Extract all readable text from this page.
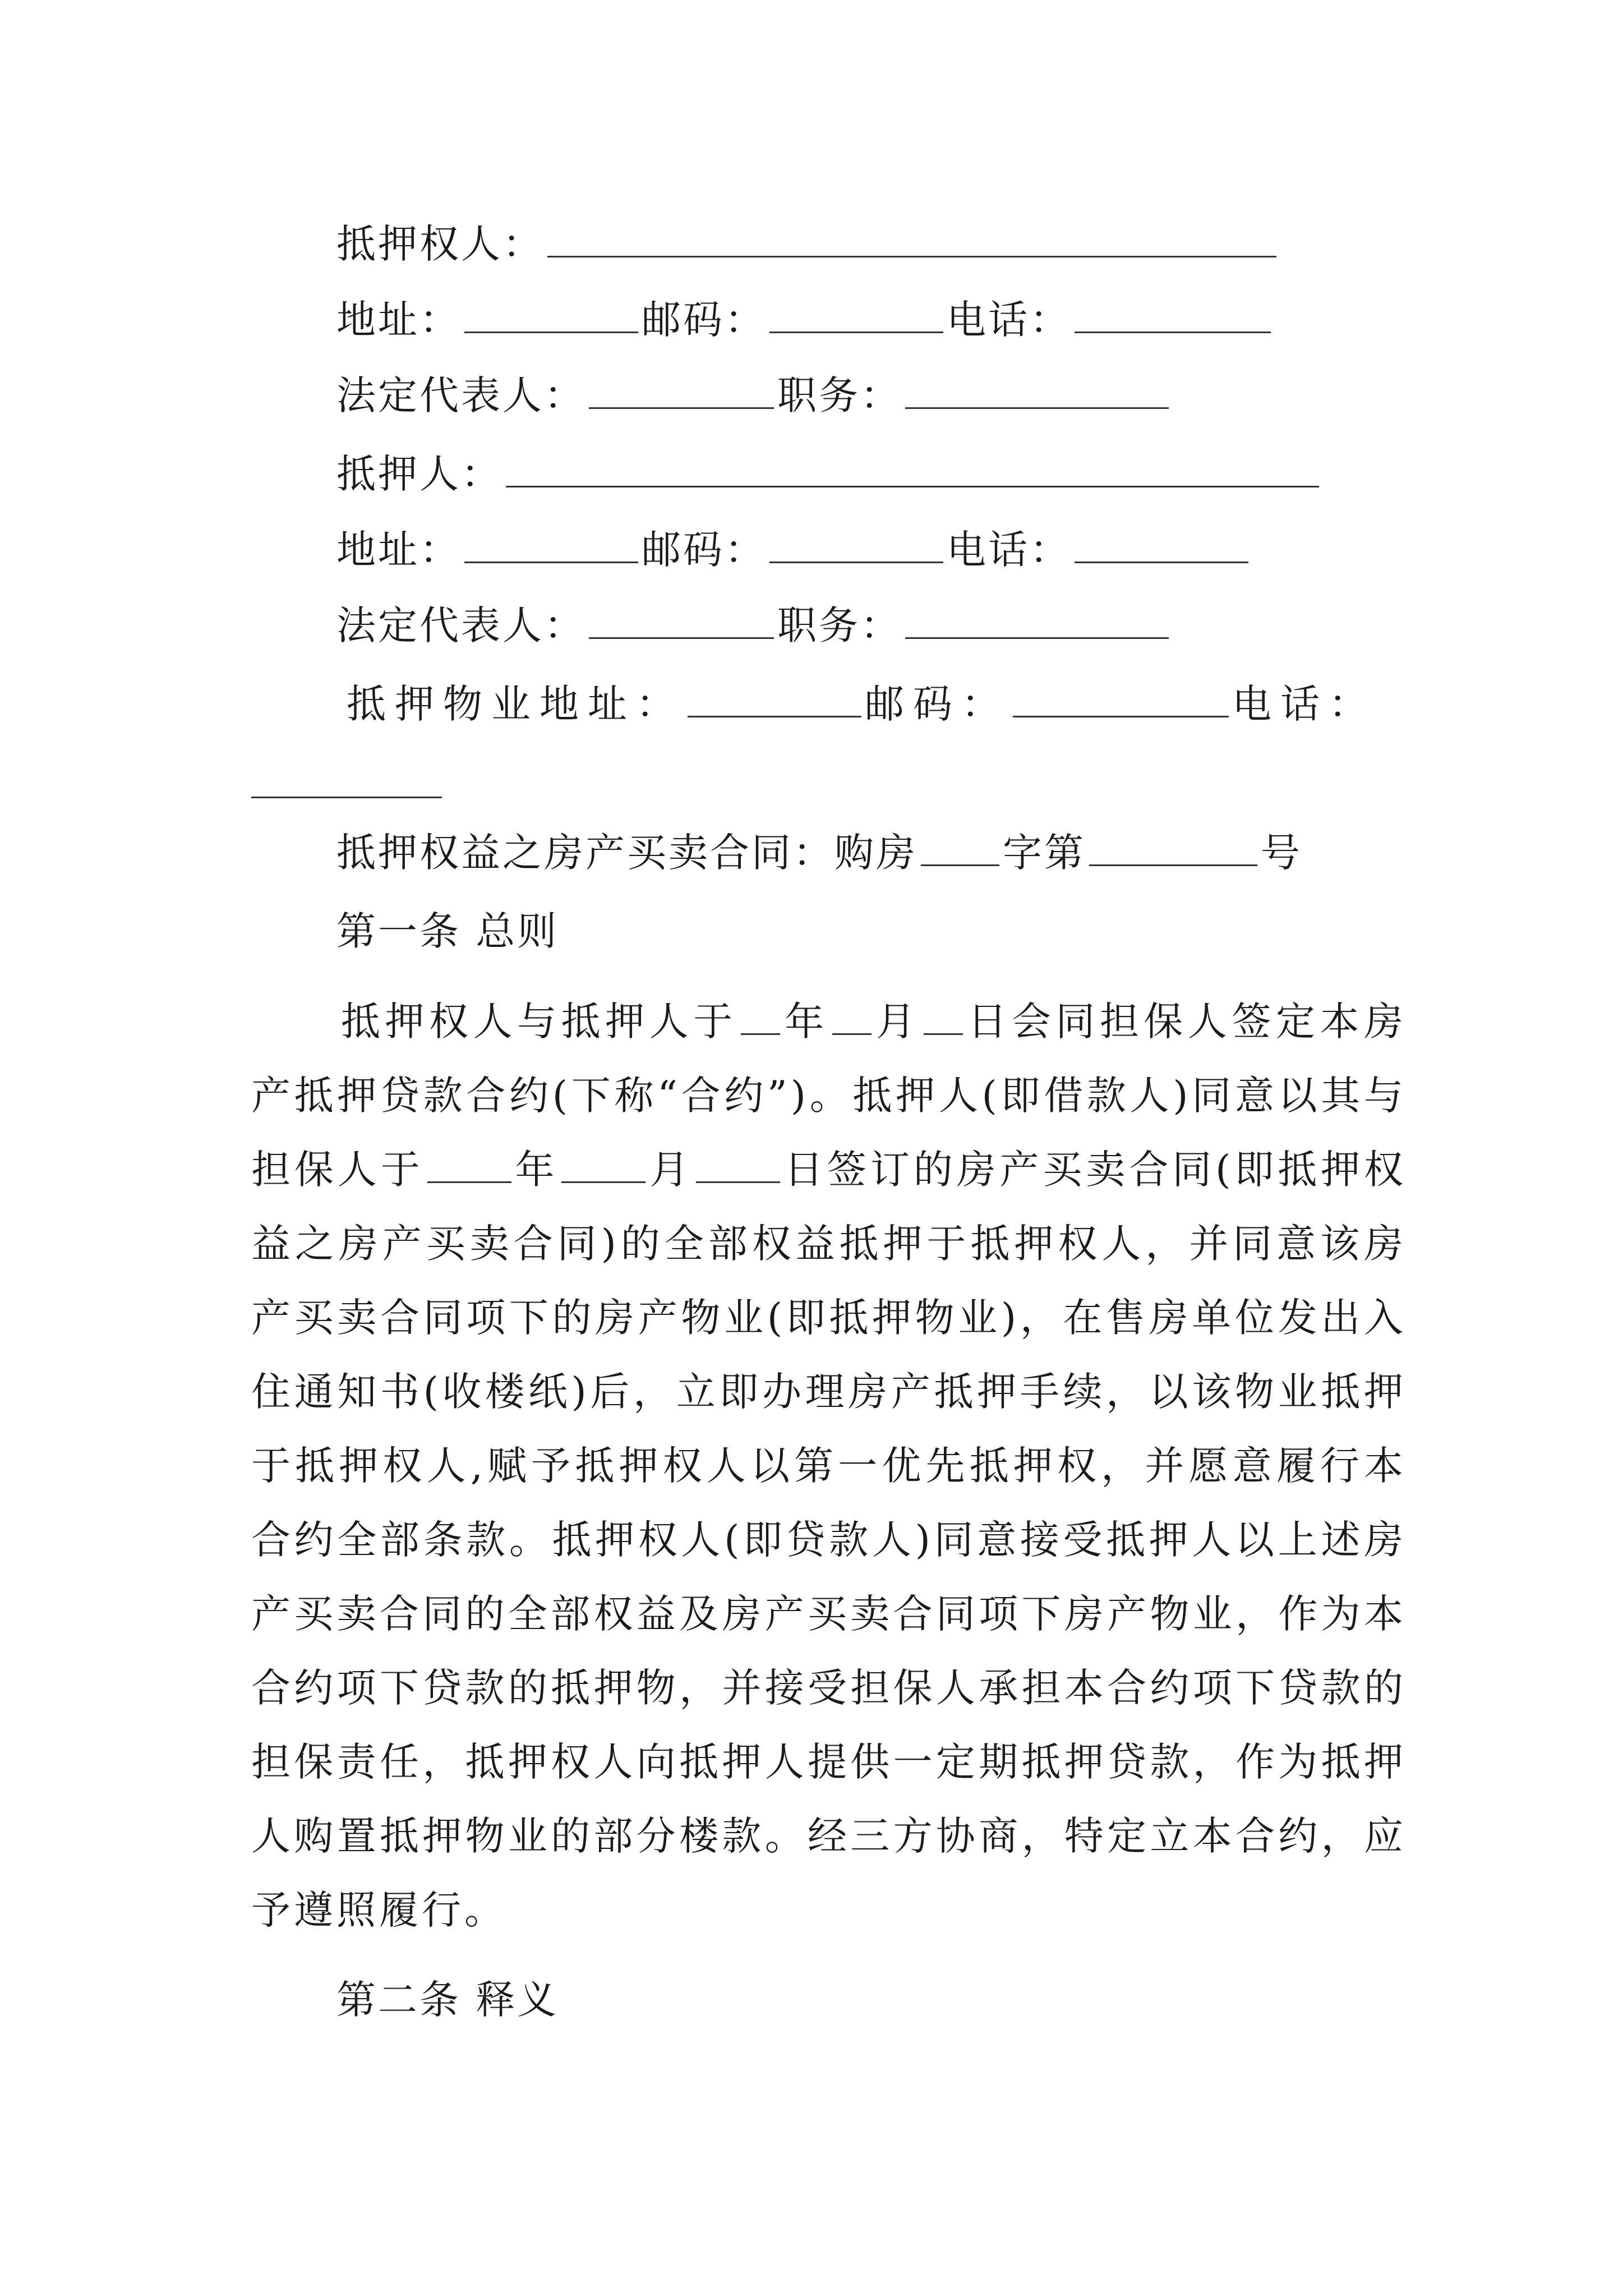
抵押权人：
地址：	邮码：	电话：
法定代表人：	职务：
抵押人：
地址：	邮码：	电话：
法定代表人：	职务：
抵押物业地址：	邮码：	电话：
抵押权益之房产买卖合同：购房 字第	号
第一条 总则
抵押权人与抵押人于 年 月 日会同担保人签定本房产抵押贷款合约(下称“合约”)。抵押人(即借款人)同意以其与担保人于 年 月 日签订的房产买卖合同(即抵押权益之房产买卖合同)的全部权益抵押于抵押权人，并同意该房产买卖合同项下的房产物业(即抵押物业)，在售房单位发出入住通知书(收楼纸)后，立即办理房产抵押手续，以该物业抵押于抵押权人,赋予抵押权人以第一优先抵押权，并愿意履行本合约全部条款。抵押权人(即贷款人)同意接受抵押人以上述房产买卖合同的全部权益及房产买卖合同项下房产物业，作为本合约项下贷款的抵押物，并接受担保人承担本合约项下贷款的担保责任，抵押权人向抵押人提供一定期抵押贷款，作为抵押人购置抵押物业的部分楼款。经三方协商，特定立本合约，应予遵照履行。
第二条 释义
